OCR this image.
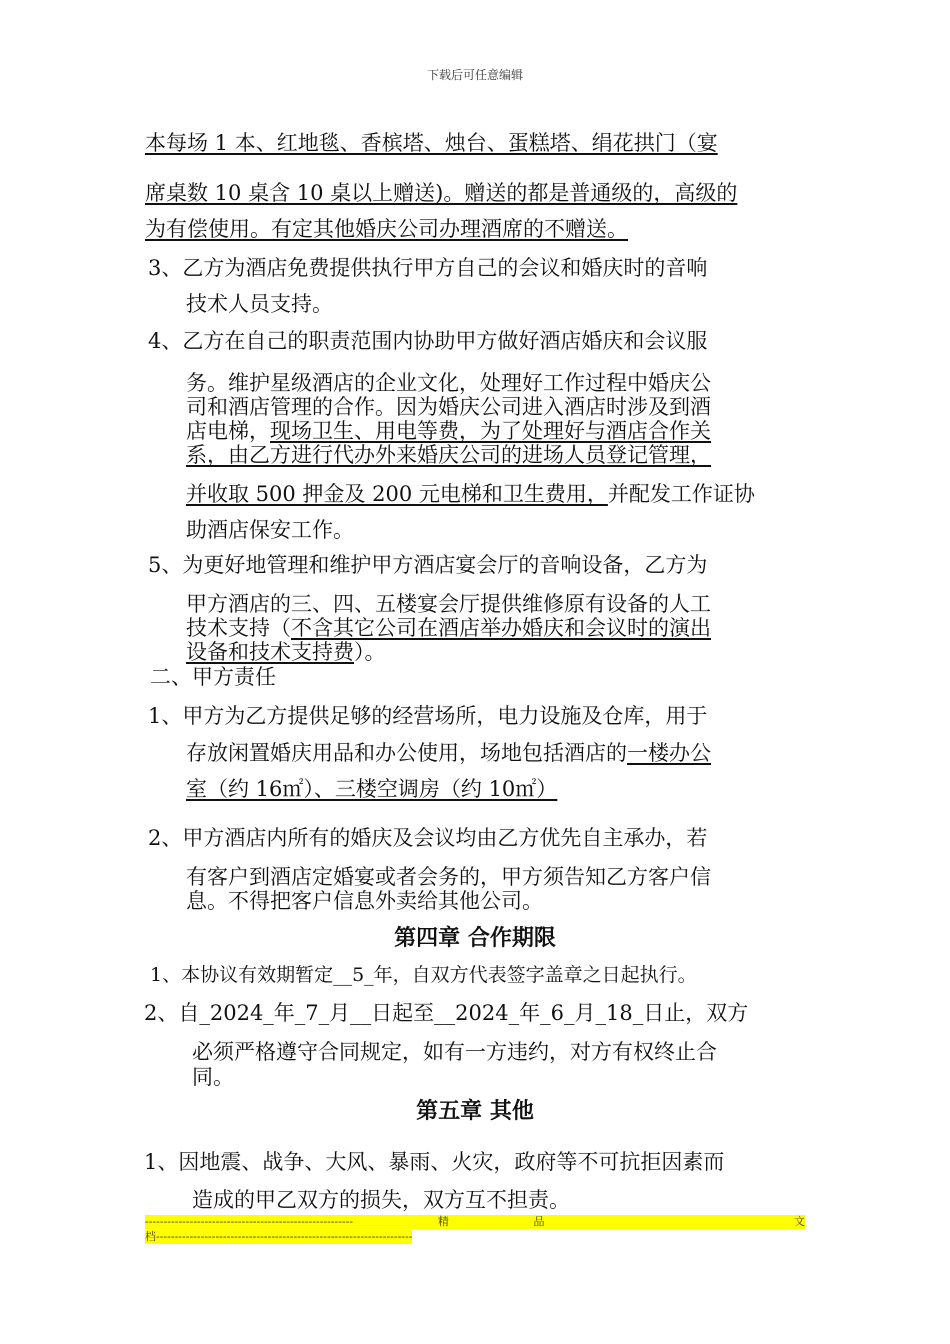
下载后可任意编辑
本每场 1 本、红地毯、香槟塔、烛台、蛋糕塔、绢花拱门（宴
席桌数 10 桌含 10 桌以上赠送)。赠送的都是普通级的，高级的
为有偿使用。有定其他婚庆公司办理酒席的不赠送。
3、乙方为酒店免费提供执行甲方自己的会议和婚庆时的音响
技术人员支持。
4、乙方在自己的职责范围内协助甲方做好酒店婚庆和会议服
务。维护星级酒店的企业文化，处理好工作过程中婚庆公
司和酒店管理的合作。因为婚庆公司进入酒店时涉及到酒
店电梯，现场卫生、用电等费，为了处理好与酒店合作关
系，由乙方进行代办外来婚庆公司的进场人员登记管理，
并收取 500 押金及 200 元电梯和卫生费用，并配发工作证协
助酒店保安工作。
5、为更好地管理和维护甲方酒店宴会厅的音响设备，乙方为
甲方酒店的三、四、五楼宴会厅提供维修原有设备的人工
技术支持（不含其它公司在酒店举办婚庆和会议时的演出
设备和技术支持费）。
二、甲方责任
1、甲方为乙方提供足够的经营场所，电力设施及仓库，用于
存放闲置婚庆用品和办公使用，场地包括酒店的一楼办公
室（约 16㎡）、三楼空调房（约 10㎡）
2、甲方酒店内所有的婚庆及会议均由乙方优先自主承办，若
有客户到酒店定婚宴或者会务的，甲方须告知乙方客户信
息。不得把客户信息外卖给其他公司。
第四章 合作期限
1、本协议有效期暂定__5_年，自双方代表签字盖章之日起执行。
2、自_2024_年_7_月__日起至__2024_年_6_月_18_日止，双方
必须严格遵守合同规定，如有一方违约，对方有权终止合
同。
第五章 其他
1、因地震、战争、大风、暴雨、火灾，政府等不可抗拒因素而
造成的甲乙双方的损失，双方互不担责。
--------------------------------------------------------	精	品	文
档---------------------------------------------------------------------
